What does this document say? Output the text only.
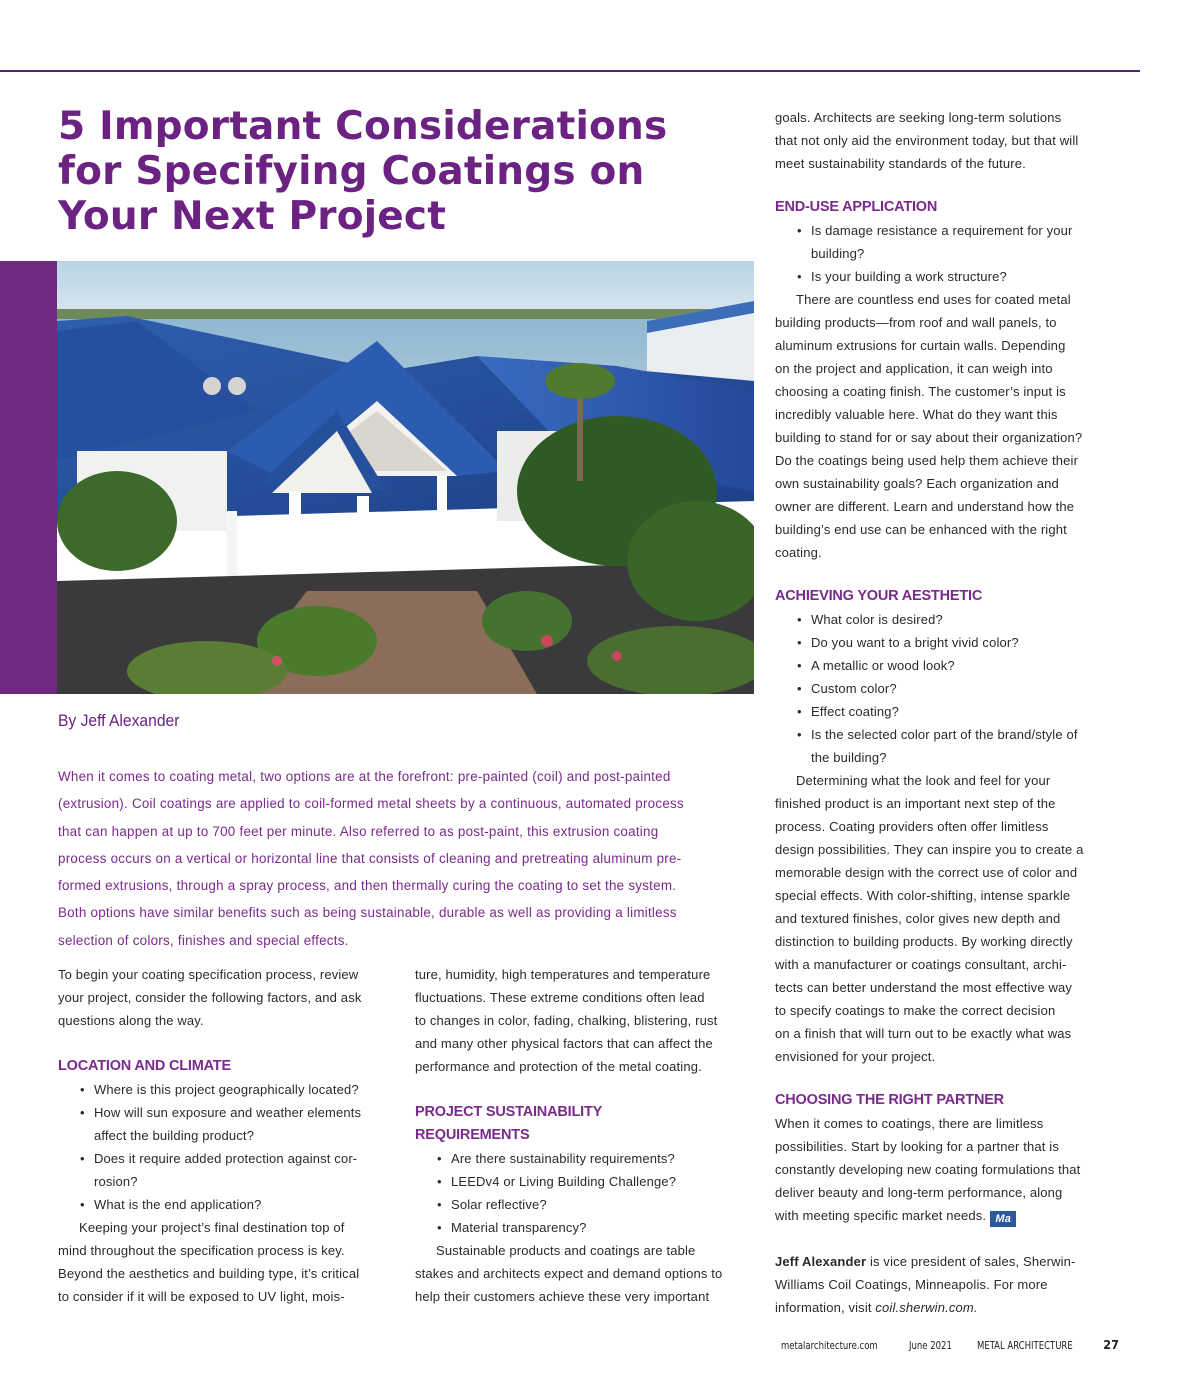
5 Important Considerations
for Specifying Coatings on
Your Next Project
By Jeff Alexander

When it comes to coating metal, two options are at the forefront: pre-painted (coil) and post-painted

(extrusion). Coil coatings are applied to coil-formed metal sheets by a continuous, automated process

that can happen at up to 700 feet per minute. Also referred to as post-paint, this extrusion coating

process occurs on a vertical or horizontal line that consists of cleaning and pretreating aluminum pre-

formed extrusions, through a spray process, and then thermally curing the coating to set the system.

Both options have similar benefits such as being sustainable, durable as well as providing a limitless

selection of colors, finishes and special effects.

To begin your coating specification process, review

your project, consider the following factors, and ask

questions along the way.

LOCATION AND CLIMATE

• Where is this project geographically located?

• How will sun exposure and weather elements

affect the building product?

• Does it require added protection against cor-

rosion?

• What is the end application?

Keeping your project’s final destination top of

mind throughout the specification process is key.

Beyond the aesthetics and building type, it’s critical

to consider if it will be exposed to UV light, mois-

ture, humidity, high temperatures and temperature

fluctuations. These extreme conditions often lead

to changes in color, fading, chalking, blistering, rust

and many other physical factors that can affect the

performance and protection of the metal coating.

PROJECT SUSTAINABILITY

REQUIREMENTS

• Are there sustainability requirements?

• LEEDv4 or Living Building Challenge?

• Solar reflective?

• Material transparency?

Sustainable products and coatings are table

stakes and architects expect and demand options to

help their customers achieve these very important

goals. Architects are seeking long-term solutions

that not only aid the environment today, but that will

meet sustainability standards of the future.

END-USE APPLICATION

• Is damage resistance a requirement for your

building?

• Is your building a work structure?

There are countless end uses for coated metal

building products—from roof and wall panels, to

aluminum extrusions for curtain walls. Depending

on the project and application, it can weigh into

choosing a coating finish. The customer’s input is

incredibly valuable here. What do they want this

building to stand for or say about their organization?

Do the coatings being used help them achieve their

own sustainability goals? Each organization and

owner are different. Learn and understand how the

building’s end use can be enhanced with the right

coating.

ACHIEVING YOUR AESTHETIC

• What color is desired?

• Do you want to a bright vivid color?

• A metallic or wood look?

• Custom color?

• Effect coating?

• Is the selected color part of the brand/style of

the building?

Determining what the look and feel for your

finished product is an important next step of the

process. Coating providers often offer limitless

design possibilities. They can inspire you to create a

memorable design with the correct use of color and

special effects. With color-shifting, intense sparkle

and textured finishes, color gives new depth and

distinction to building products. By working directly

with a manufacturer or coatings consultant, archi-

tects can better understand the most effective way

to specify coatings to make the correct decision

on a finish that will turn out to be exactly what was

envisioned for your project.

CHOOSING THE RIGHT PARTNER

When it comes to coatings, there are limitless

possibilities. Start by looking for a partner that is

constantly developing new coating formulations that

deliver beauty and long-term performance, along

with meeting specific market needs. Ma

Jeff Alexander is vice president of sales, Sherwin-

Williams Coil Coatings, Minneapolis. For more

information, visit coil.sherwin.com.

metalarchitecture.com	June 2021 METAL ARCHITECTURE 27
